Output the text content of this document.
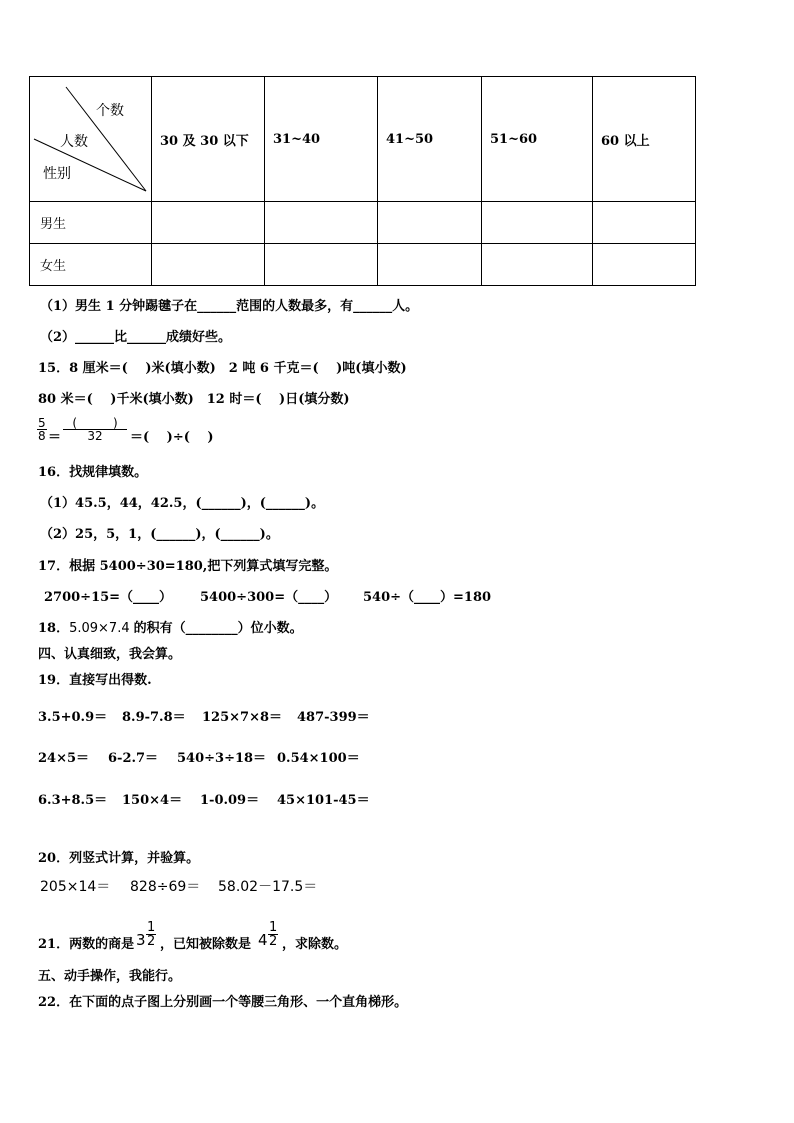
个数
人数
性别	30 及 30 以下	31~40	41~50	51~60	60 以上
男生					
女生					
（1）男生 1 分钟踢毽子在______范围的人数最多，有______人。
（2）______比______成绩好些。
15．8 厘米＝(　 )米(填小数)　2 吨 6 千克＝(　 )吨(填小数)
80 米＝(　 )千米(填小数)　12 时＝(　 )日(填分数)
$\frac{5}{8}$ ＝
(　　　)
32	＝(　 )÷(　 )
16．找规律填数。
（1）45.5，44，42.5，(______)，(______)。
（2）25，5，1，(______)，(______)。
17．根据 5400÷30=180,把下列算式填写完整。
2700÷15=（____） 5400÷300=（____） 540÷（____）=180
18．5.09×7.4 的积有（________）位小数。
四、认真细致，我会算。
19．直接写出得数.
3.5+0.9＝ 8.9-7.8＝ 125×7×8＝ 487-399＝
24×5＝ 6-2.7＝ 540÷3÷18＝ 0.54×100＝
6.3+8.5＝ 150×4＝ 1-0.09＝ 45×101-45＝
20．列竖式计算，并验算。
205×14＝ 828÷69＝ 58.02－17.5＝
21．两数的商是 $3 \frac{1}{2}$ ，已知被除数是 $4 \frac{1}{2}$ ，求除数。
五、动手操作，我能行。
22．在下面的点子图上分别画一个等腰三角形、一个直角梯形。
